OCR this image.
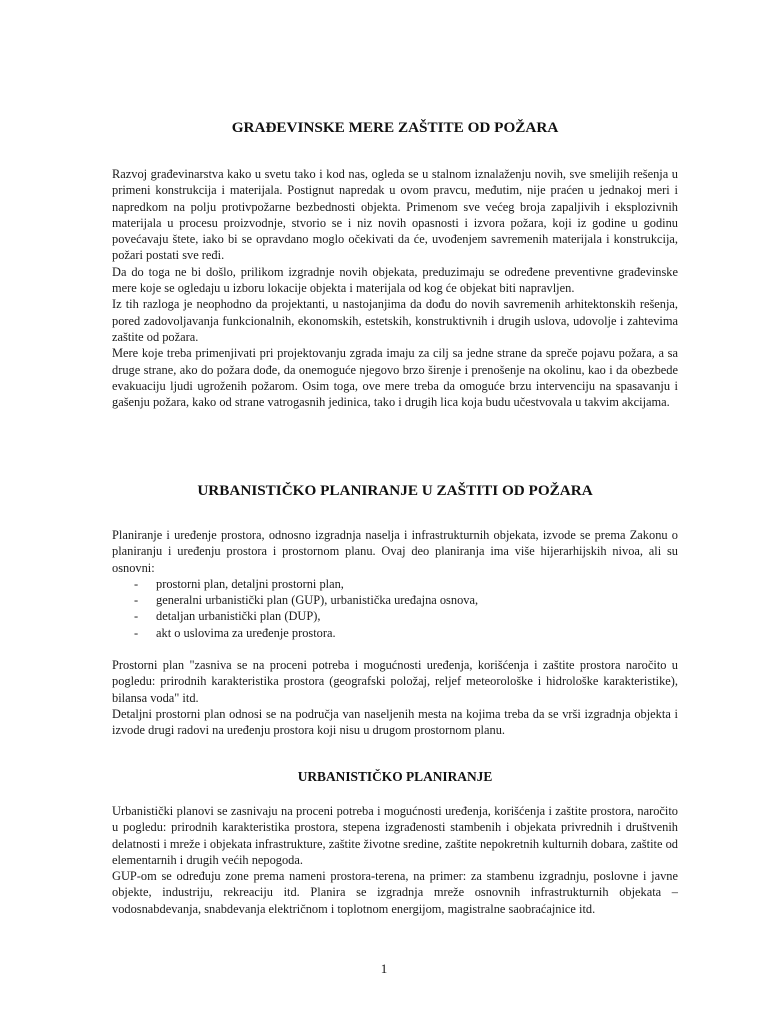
GRAĐEVINSKE MERE ZAŠTITE OD POŽARA

Razvoj građevinarstva kako u svetu tako i kod nas, ogleda se u stalnom iznalaženju novih, sve smelijih rešenja u primeni konstrukcija i materijala. Postignut napredak u ovom pravcu, međutim, nije praćen u jednakoj meri i napredkom na polju protivpožarne bezbednosti objekta. Primenom sve većeg broja zapaljivih i eksplozivnih materijala u procesu proizvodnje, stvorio se i niz novih opasnosti i izvora požara, koji iz godine u godinu povećavaju štete, iako bi se opravdano moglo očekivati da će, uvođenjem savremenih materijala i konstrukcija, požari postati sve ređi.

Da do toga ne bi došlo, prilikom izgradnje novih objekata, preduzimaju se određene preventivne građevinske mere koje se ogledaju u izboru lokacije objekta i materijala od kog će objekat biti napravljen.

Iz tih razloga je neophodno da projektanti, u nastojanjima da dođu do novih savremenih arhitektonskih rešenja, pored zadovoljavanja funkcionalnih, ekonomskih, estetskih, konstruktivnih i drugih uslova, udovolje i zahtevima zaštite od požara.

Mere koje treba primenjivati pri projektovanju zgrada imaju za cilj sa jedne strane da spreče pojavu požara, a sa druge strane, ako do požara dođe, da onemoguće njegovo brzo širenje i prenošenje na okolinu, kao i da obezbede evakuaciju ljudi ugroženih požarom. Osim toga, ove mere treba da omoguće brzu intervenciju na spasavanju i gašenju požara, kako od strane vatrogasnih jedinica, tako i drugih lica koja budu učestvovala u takvim akcijama.

URBANISTIČKO PLANIRANJE U ZAŠTITI OD POŽARA

Planiranje i uređenje prostora, odnosno izgradnja naselja i infrastrukturnih objekata, izvode se prema Zakonu o planiranju i uređenju prostora i prostornom planu. Ovaj deo planiranja ima više hijerarhijskih nivoa, ali su osnovni:

- prostorni plan, detaljni prostorni plan,
- generalni urbanistički plan (GUP), urbanistička uređajna osnova,
- detaljan urbanistički plan (DUP),
- akt o uslovima za uređenje prostora.

Prostorni plan "zasniva se na proceni potreba i mogućnosti uređenja, korišćenja i zaštite prostora naročito u pogledu: prirodnih karakteristika prostora (geografski položaj, reljef meteorološke i hidrološke karakteristike), bilansa voda" itd.

Detaljni prostorni plan odnosi se na područja van naseljenih mesta na kojima treba da se vrši izgradnja objekta i izvode drugi radovi na uređenju prostora koji nisu u drugom prostornom planu.

URBANISTIČKO PLANIRANJE

Urbanistički planovi se zasnivaju na proceni potreba i mogućnosti uređenja, korišćenja i zaštite prostora, naročito u pogledu: prirodnih karakteristika prostora, stepena izgrađenosti stambenih i objekata privrednih i društvenih delatnosti i mreže i objekata infrastrukture, zaštite životne sredine, zaštite nepokretnih kulturnih dobara, zaštite od elementarnih i drugih većih nepogoda.

GUP-om se određuju zone prema nameni prostora-terena, na primer: za stambenu izgradnju, poslovne i javne objekte, industriju, rekreaciju itd. Planira se izgradnja mreže osnovnih infrastrukturnih objekata – vodosnabdevanja, snabdevanja električnom i toplotnom energijom, magistralne saobraćajnice itd.

1
